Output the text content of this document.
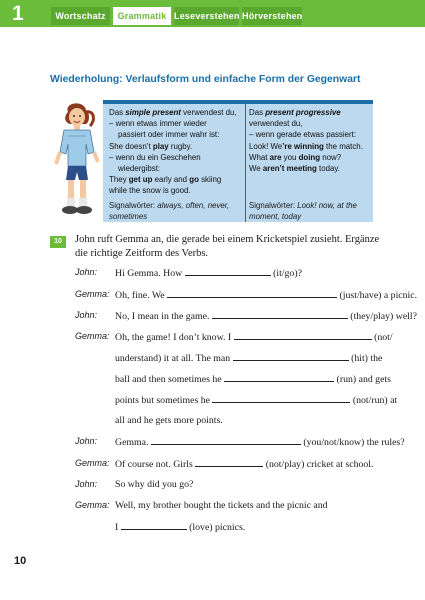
1	Wortschatz	Grammatik Leseverstehen Hörverstehen
Wiederholung: Verlaufsform und einfache Form der Gegenwart
Das simple present verwendest du,
– wenn etwas immer wieder
passiert oder immer wahr ist:
She doesn’t play rugby.
– wenn du ein Geschehen
wiedergibst:
They get up early and go skiing
while the snow is good.
Signalwörter: always, often, never, sometimes
Das present progressive
verwendest du,
– wenn gerade etwas passiert:
Look! We’re winning the match.
What are you doing now?
We aren’t meeting today.
Signalwörter: Look! now, at the moment, today
10	John ruft Gemma an, die gerade bei einem Kricketspiel zusieht. Ergänze die richtige Zeitform des Verbs.
John:	Hi Gemma. How	(it/go)?
Gemma: Oh, fine. We	(just/have) a picnic.
John:	No, I mean in the game.	(they/play) well?
Gemma: Oh, the game! I don’t know. I	(not/
understand) it at all. The man	(hit) the
ball and then sometimes he	(run) and gets
points but sometimes he	(not/run) at
all and he gets more points.
John:	Gemma.	(you/not/know) the rules?
Gemma: Of course not. Girls	(not/play) cricket at school.
John:	So why did you go?
Gemma: Well, my brother bought the tickets and the picnic and
I	(love) picnics.
10
